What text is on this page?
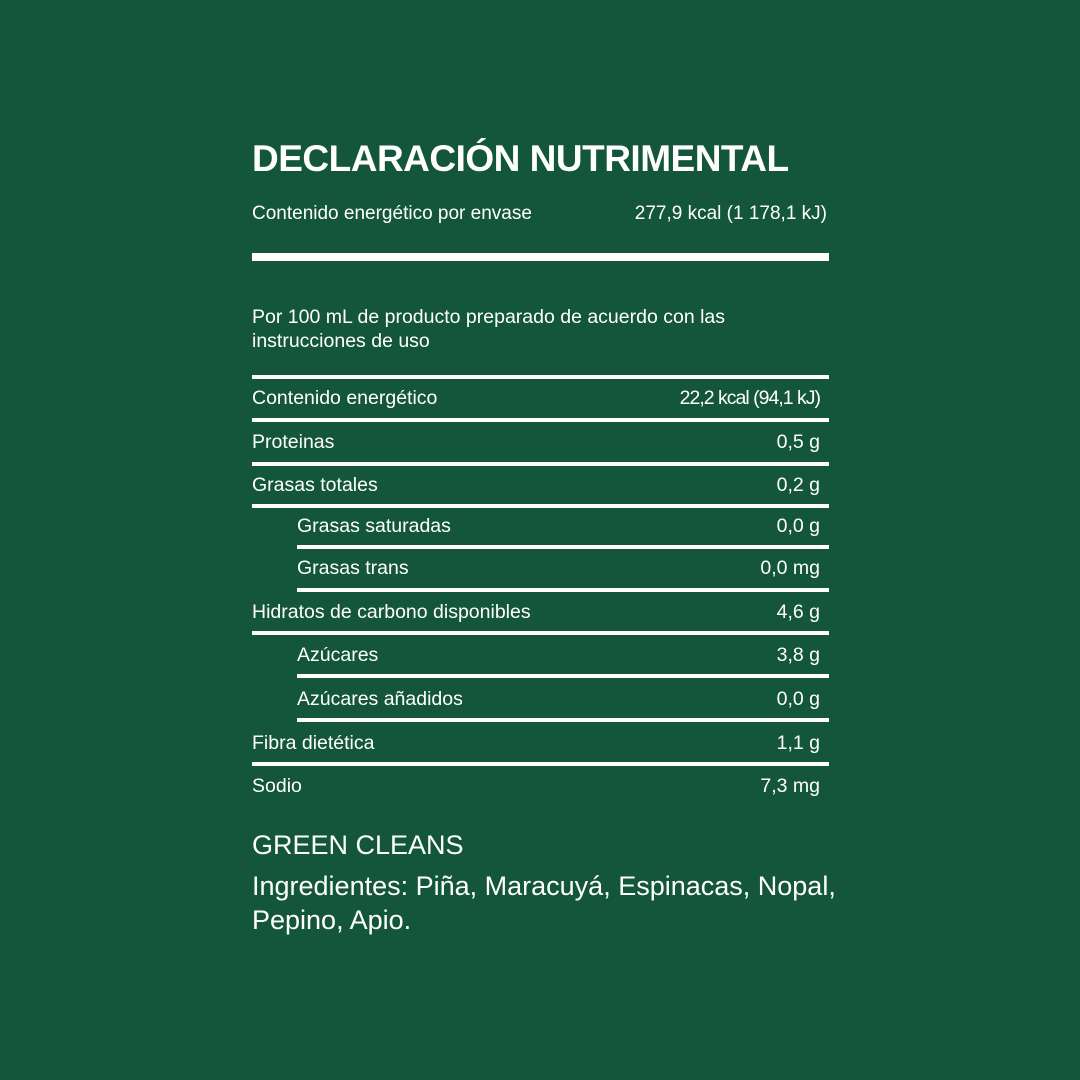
DECLARACIÓN NUTRIMENTAL
Contenido energético por envase	277,9 kcal (1 178,1 kJ)
Por 100 mL de producto preparado de acuerdo con las instrucciones de uso
Contenido energético	22,2 kcal (94,1 kJ)
Proteinas	0,5 g
Grasas totales	0,2 g
Grasas saturadas	0,0 g
Grasas trans	0,0 mg
Hidratos de carbono disponibles	4,6 g
Azúcares	3,8 g
Azúcares añadidos	0,0 g
Fibra dietética	1,1 g
Sodio	7,3 mg
GREEN CLEANS
Ingredientes: Piña, Maracuyá, Espinacas, Nopal, Pepino, Apio.
